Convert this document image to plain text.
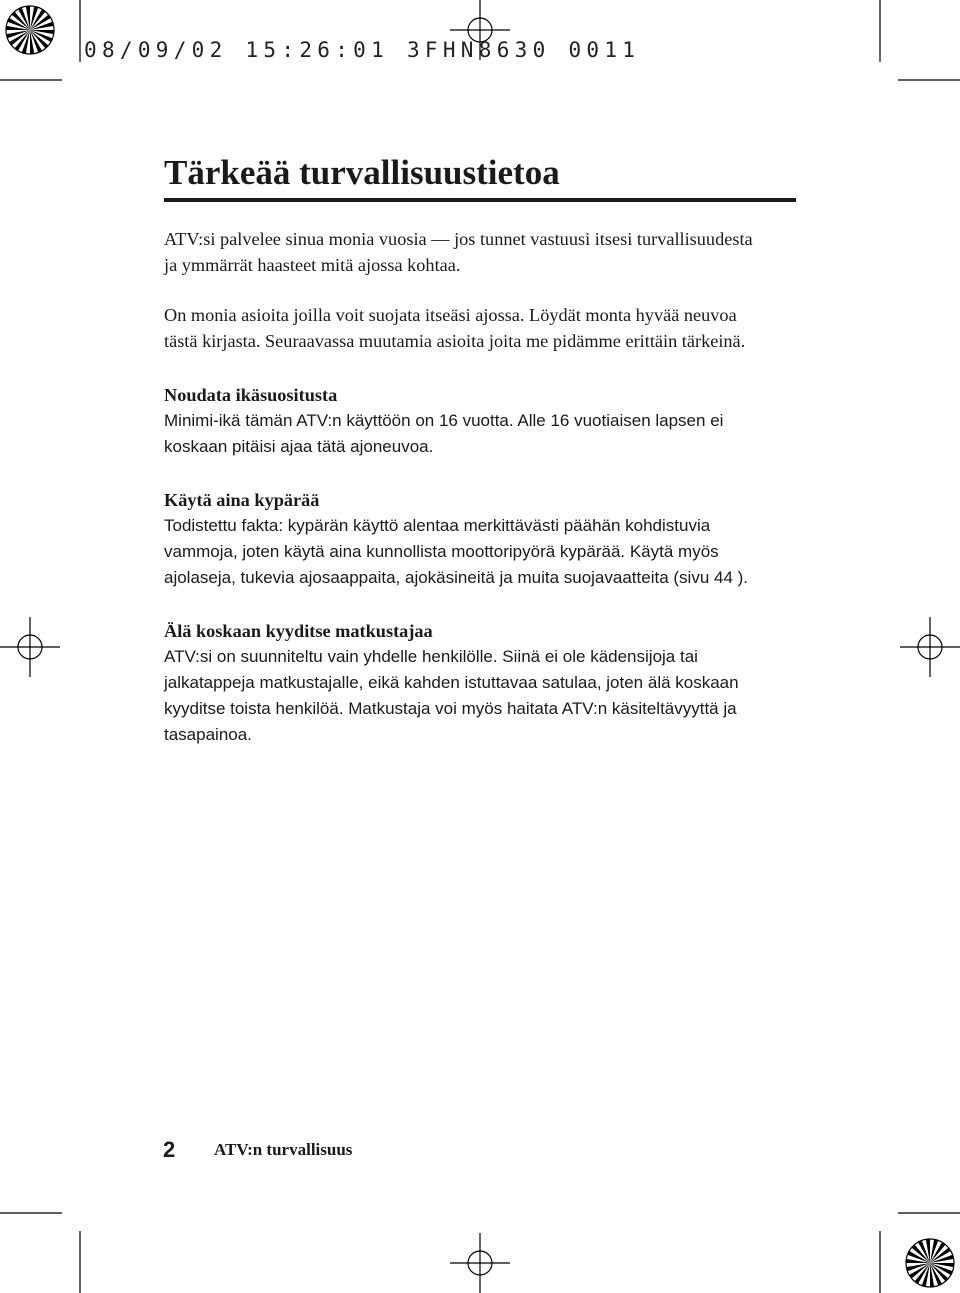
08/09/02 15:26:01 3FHN8630 0011
Tärkeää turvallisuustietoa

ATV:si palvelee sinua monia vuosia ― jos tunnet vastuusi itsesi turvallisuudesta
ja ymmärrät haasteet mitä ajossa kohtaa.

On monia asioita joilla voit suojata itseäsi ajossa. Löydät monta hyvää neuvoa
tästä kirjasta. Seuraavassa muutamia asioita joita me pidämme erittäin tärkeinä.

Noudata ikäsuositusta

Minimi-ikä tämän ATV:n käyttöön on 16 vuotta. Alle 16 vuotiaisen lapsen ei
koskaan pitäisi ajaa tätä ajoneuvoa.

Käytä aina kypärää

Todistettu fakta: kypärän käyttö alentaa merkittävästi päähän kohdistuvia
vammoja, joten käytä aina kunnollista moottoripyörä kypärää. Käytä myös
ajolaseja, tukevia ajosaappaita, ajokäsineitä ja muita suojavaatteita (sivu 44 ).

Älä koskaan kyyditse matkustajaa

ATV:si on suunniteltu vain yhdelle henkilölle. Siinä ei ole kädensijoja tai
jalkatappeja matkustajalle, eikä kahden istuttavaa satulaa, joten älä koskaan
kyyditse toista henkilöä. Matkustaja voi myös haitata ATV:n käsiteltävyyttä ja
tasapainoa.

2 ATV:n turvallisuus
